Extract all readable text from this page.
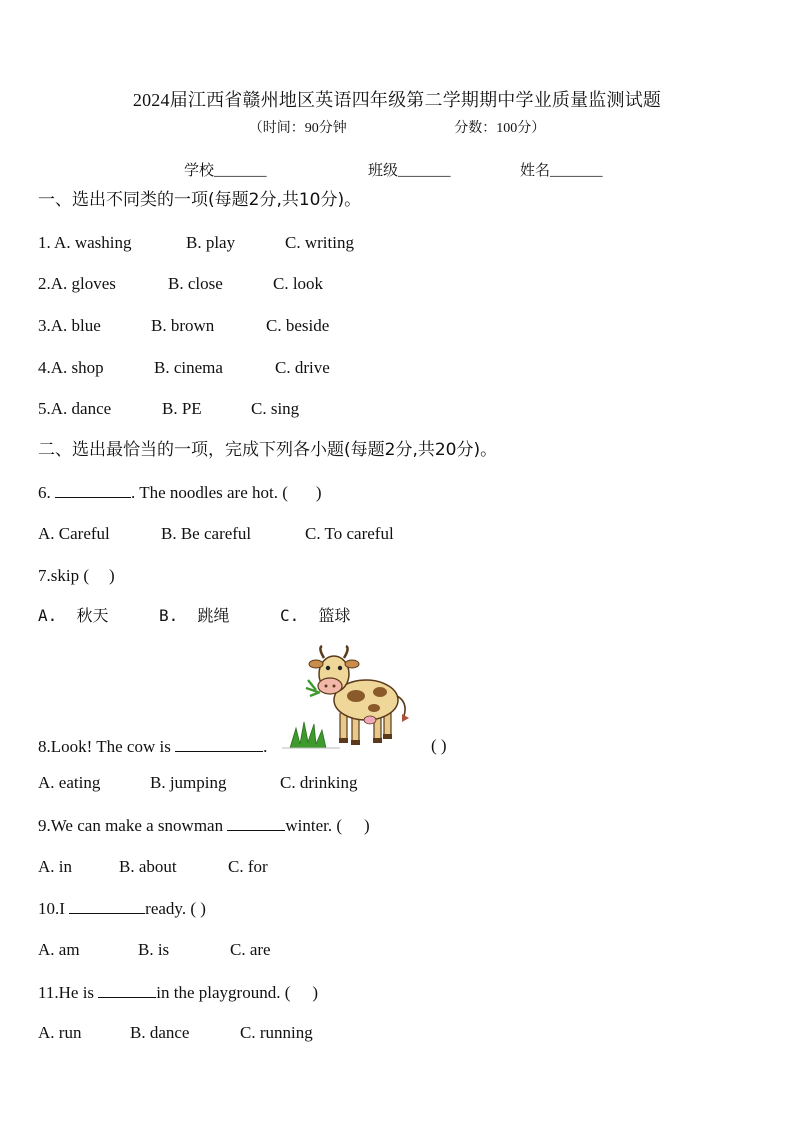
2024届江西省赣州地区英语四年级第二学期期中学业质量监测试题
（时间：90分钟	分数：100分）
学校_______	班级_______	姓名_______
一、选出不同类的一项(每题2分,共10分)。

1. A. washing

	B. play

	C. writing

2.A. gloves

	B. close

	C. look

3.A. blue

	B. brown

	C. beside

4.A. shop

	B. cinema

	C. drive

5.A. dance

	B. PE

	C. sing

二、选出最恰当的一项，完成下列各小题(每题2分,共20分)。
6.	. The noodles are hot. ( )

A. Careful

	B. Be careful

	C. To careful

7.skip ( )

A.  秋天

	B.  跳绳

	C.  篮球

8.Look! The cow is	.	( )

A. eating

	B. jumping

	C. drinking

9.We can make a snowman	winter. ( )

A. in

	B. about

	C. for

10.I	ready. ( )

A. am

	B. is

	C. are

11.He is	in the playground. ( )

A. run

	B. dance

	C. running
